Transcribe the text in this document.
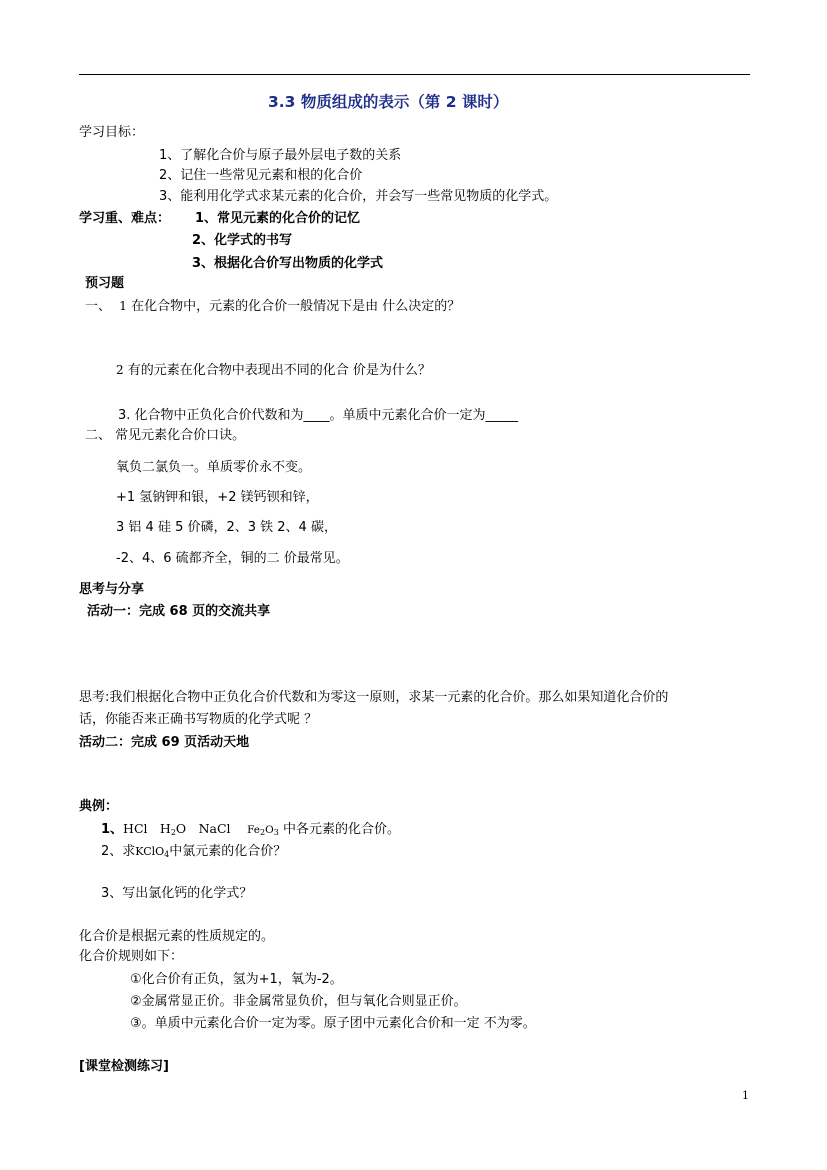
3.3 物质组成的表示（第 2 课时）
学习目标：
1、了解化合价与原子最外层电子数的关系
2、记住一些常见元素和根的化合价
3、能利用化学式求某元素的化合价，并会写一些常见物质的化学式。
学习重、难点： 1、常见元素的化合价的记忆
2、化学式的书写
3、根据化合价写出物质的化学式
预习题
一、 1 在化合物中，元素的化合价一般情况下是由 什么决定的？
2 有的元素在化合物中表现出不同的化合 价是为什么？
3. 化合物中正负化合价代数和为____。单质中元素化合价一定为_____
二、 常见元素化合价口诀。
氧负二氯负一。单质零价永不变。
+1 氢钠钾和银，+2 镁钙钡和锌，
3 铝 4 硅 5 价磷，2、3 铁 2、4 碳，
-2、4、6 硫都齐全，铜的二 价最常见。
思考与分享
活动一：完成 68 页的交流共享
思考:我们根据化合物中正负化合价代数和为零这一原则，求某一元素的化合价。那么如果知道化合价的
话，你能否来正确书写物质的化学式呢 ？
活动二：完成 69 页活动天地
典例：
1、HCl $H_2O$ NaCl $Fe_2O_3$ 中各元素的化合价。
2、求KClO$_4$中氯元素的化合价？
3、写出氯化钙的化学式？
化合价是根据元素的性质规定的。
化合价规则如下：
①化合价有正负，氢为+1，氧为-2。
②金属常显正价。非金属常显负价，但与氧化合则显正价。
③。单质中元素化合价一定为零。原子团中元素化合价和一定 不为零。
[课堂检测练习]
1
